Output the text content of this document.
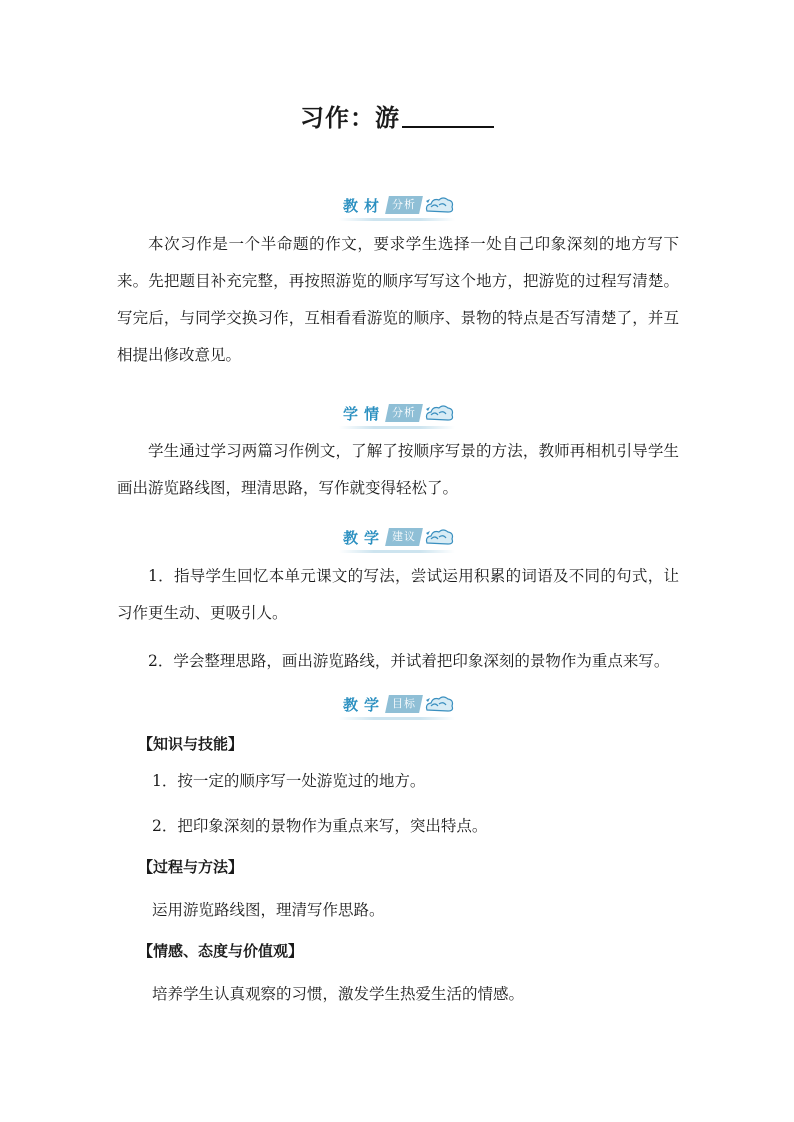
习作：游
教材 分析

本次习作是一个半命题的作文，要求学生选择一处自己印象深刻的地方写下来。先把题目补充完整，再按照游览的顺序写写这个地方，把游览的过程写清楚。写完后，与同学交换习作，互相看看游览的顺序、景物的特点是否写清楚了，并互相提出修改意见。

学情 分析

学生通过学习两篇习作例文，了解了按顺序写景的方法，教师再相机引导学生画出游览路线图，理清思路，写作就变得轻松了。

教学 建议

1．指导学生回忆本单元课文的写法，尝试运用积累的词语及不同的句式，让习作更生动、更吸引人。

2．学会整理思路，画出游览路线，并试着把印象深刻的景物作为重点来写。

教学 目标

【知识与技能】

1．按一定的顺序写一处游览过的地方。

2．把印象深刻的景物作为重点来写，突出特点。

【过程与方法】

运用游览路线图，理清写作思路。

【情感、态度与价值观】

培养学生认真观察的习惯，激发学生热爱生活的情感。
